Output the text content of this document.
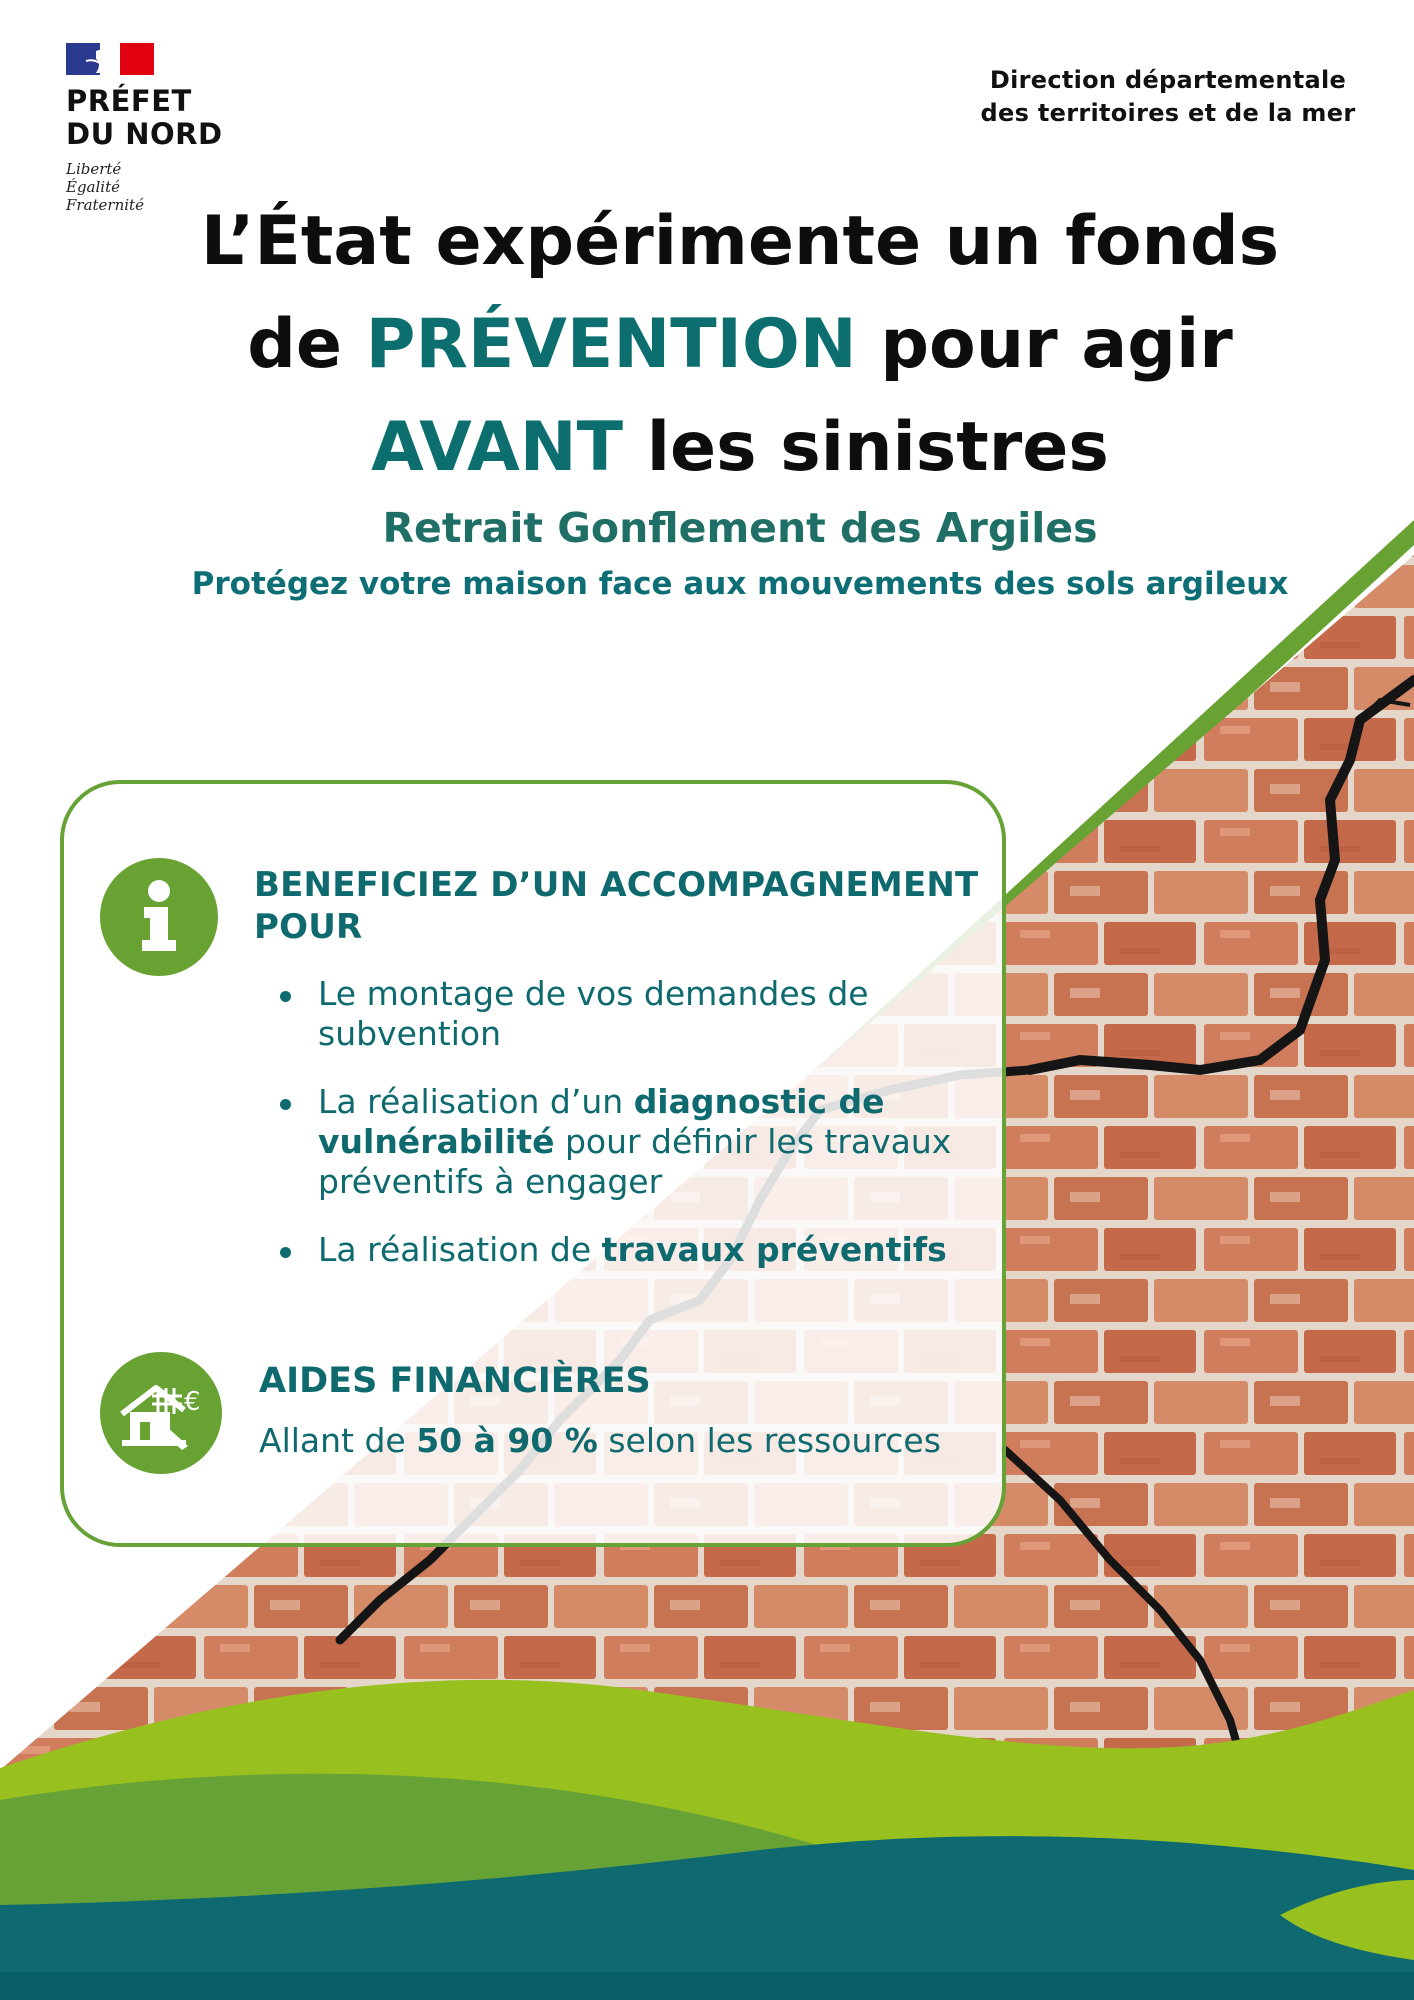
PRÉFET
DU NORD
Liberté
Égalité
Fraternité
Direction départementale
des territoires et de la mer
L’État expérimente un fonds
de PRÉVENTION pour agir
AVANT les sinistres
Retrait Gonflement des Argiles
Protégez votre maison face aux mouvements des sols argileux
BENEFICIEZ D’UN ACCOMPAGNEMENT POUR
Le montage de vos demandes de subvention
La réalisation d’un diagnostic de vulnérabilité pour définir les travaux préventifs à engager
La réalisation de travaux préventifs
€
AIDES FINANCIÈRES
Allant de 50 à 90 % selon les ressources
